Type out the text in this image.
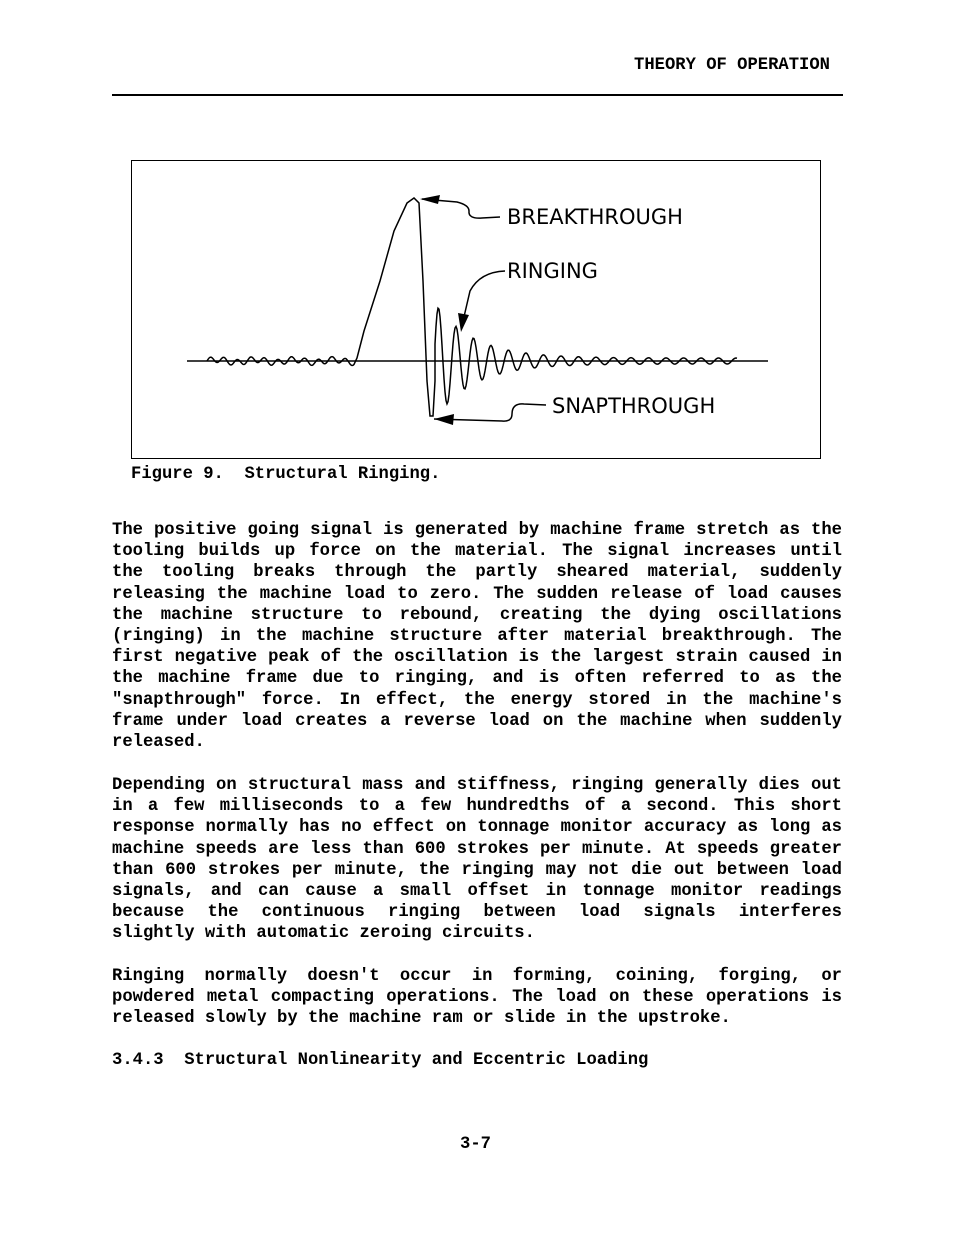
THEORY OF OPERATION
BREAKTHROUGH
RINGING
SNAPTHROUGH
Figure 9.  Structural Ringing.

The positive going signal is generated by machine frame stretch as the tooling builds up force on the material. The signal increases until the tooling breaks through the partly sheared material, suddenly releasing the machine load to zero. The sudden release of load causes the machine structure to rebound, creating the dying oscillations (ringing) in the machine structure after material breakthrough. The first negative peak of the oscillation is the largest strain caused in the machine frame due to ringing, and is often referred to as the "snapthrough" force. In effect, the energy stored in the machine's frame under load creates a reverse load on the machine when suddenly released.

Depending on structural mass and stiffness, ringing generally dies out in a few milliseconds to a few hundredths of a second. This short response normally has no effect on tonnage monitor accuracy as long as machine speeds are less than 600 strokes per minute. At speeds greater than 600 strokes per minute, the ringing may not die out between load signals, and can cause a small offset in tonnage monitor readings because the continuous ringing between load signals interferes slightly with automatic zeroing circuits.

Ringing normally doesn't occur in forming, coining, forging, or powdered metal compacting operations. The load on these operations is released slowly by the machine ram or slide in the upstroke.

3.4.3  Structural Nonlinearity and Eccentric Loading
3-7
